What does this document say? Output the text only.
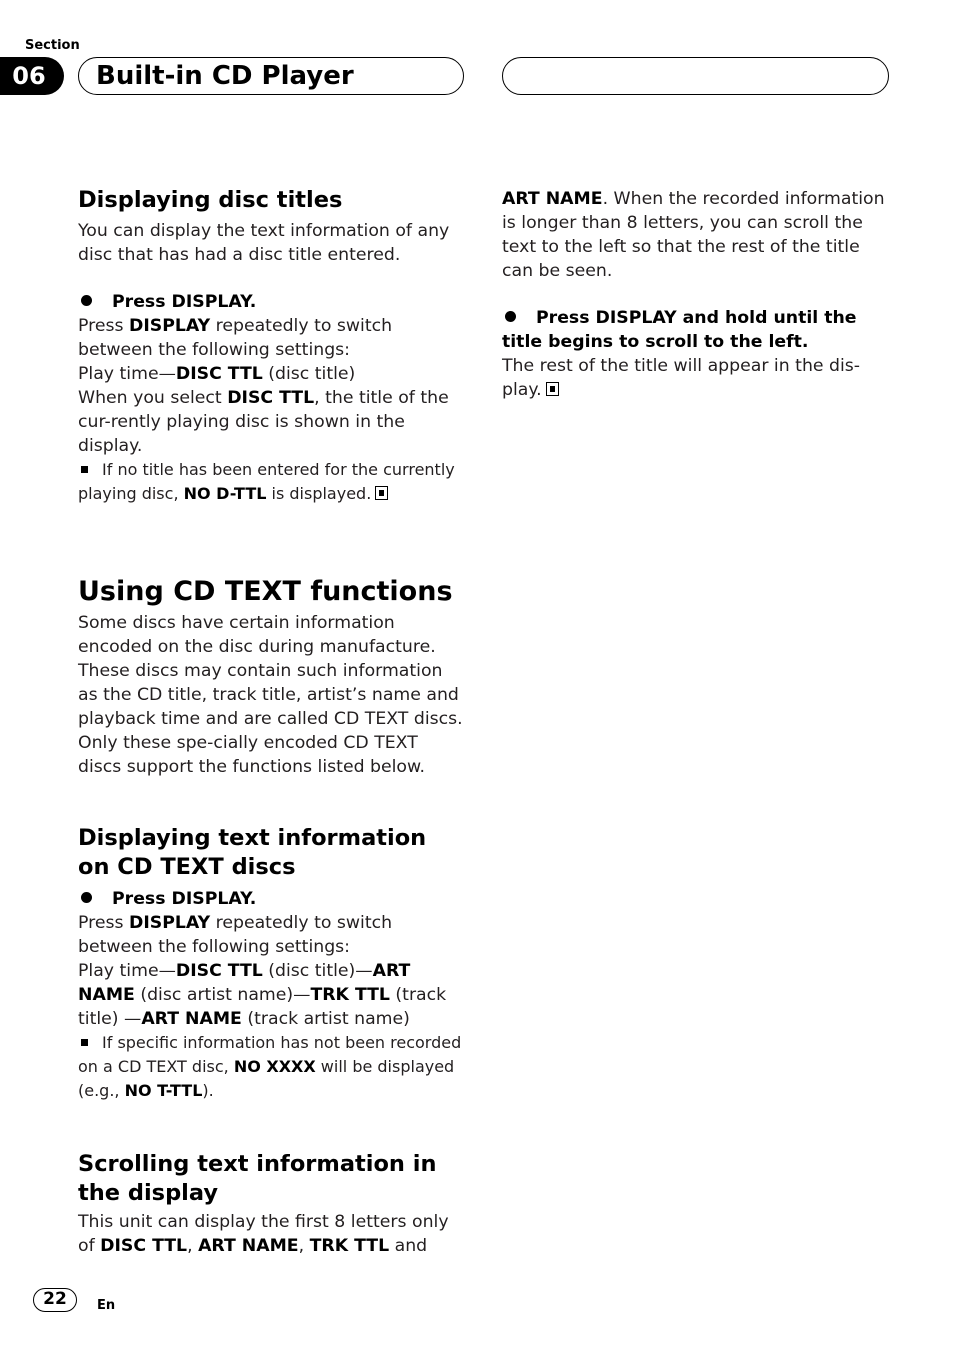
Section
06	Built-in CD Player
Displaying disc titles

You can display the text information of any disc that has had a disc title entered.

Press DISPLAY.

Press DISPLAY repeatedly to switch between the following settings:

Play time—DISC TTL (disc title)

When you select DISC TTL, the title of the cur-rently playing disc is shown in the display.

If no title has been entered for the currently playing disc, NO D-TTL is displayed.

Using CD TEXT functions

Some discs have certain information encoded on the disc during manufacture. These discs may contain such information as the CD title, track title, artist’s name and playback time and are called CD TEXT discs. Only these spe-cially encoded CD TEXT discs support the functions listed below.

Displaying text information on CD TEXT discs
Press DISPLAY.

Press DISPLAY repeatedly to switch between the following settings:

Play time—DISC TTL (disc title)—ART NAME (disc artist name)—TRK TTL (track title) —ART NAME (track artist name)

If specific information has not been recorded on a CD TEXT disc, NO XXXX will be displayed (e.g., NO T-TTL).

Scrolling text information in the display

This unit can display the first 8 letters only of DISC TTL, ART NAME, TRK TTL and

ART NAME. When the recorded information is longer than 8 letters, you can scroll the text to the left so that the rest of the title can be seen.

Press DISPLAY and hold until the title begins to scroll to the left.

The rest of the title will appear in the dis-play.

22	En
